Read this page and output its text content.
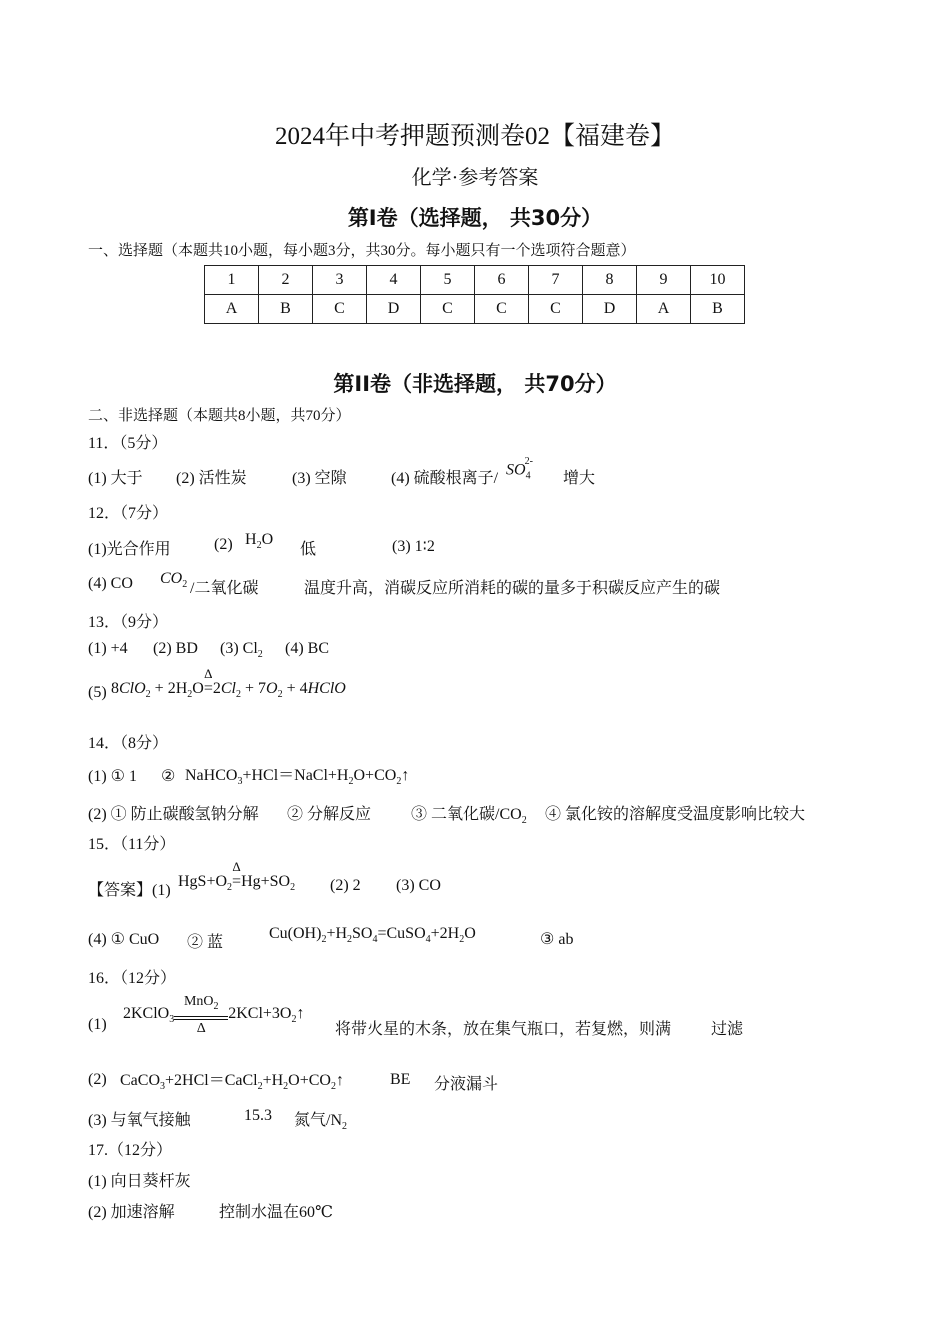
2024年中考押题预测卷02【福建卷】
化学·参考答案
第Ⅰ卷（选择题， 共30分）
一、选择题（本题共10小题，每小题3分，共30分。每小题只有一个选项符合题意）
1	2	3	4	5	6	7	8	9	10
A	B	C	D	C	C	C	D	A	B
第II卷（非选择题， 共70分）
二、非选择题（本题共8小题，共70分）
11．（5分）
(1) 大于 (2) 活性炭	(3) 空隙	(4) 硫酸根离子/
$SO_4^{2-}$
增大
12．（7分）
(1)光合作用	(2) $H_2O$
低	(3) 1∶2
(4) CO $CO_2$ /二氧化碳	温度升高，消碳反应所消耗的碳的量多于积碳反应产生的碳
13．（9分）
(1) +4 (2) BD (3) $Cl_2$ (4) BC
(5) $8ClO_2 + 2H_2O$
Δ
$=2Cl_2 + 7O_2$ + 4HClO
14．（8分）
(1) ① 1 ② $NaHCO_3+HCl=NaCl+H_2O+CO_2↑$
(2) ① 防止碳酸氢钠分解 ② 分解反应 ③ 二氧化碳$/CO_2$ ④ 氯化铵的溶解度受温度影响比较大
15．（11分）
【答案】(1)
$HgS+O_2$
Δ
$=Hg+SO_2$ (2) 2 (3) CO
(4) ① CuO ② 蓝
$Cu(OH)_2+H_2SO_4=CuSO_4+2H_2O$	③ ab
16．（12分）
(1)
2KClO$_3$ $\frac{MnO_2}{\Delta}$ $2KCl+3O_2↑$
将带火星的木条，放在集气瓶口，若复燃，则满 过滤
(2) $CaCO_3+2HCl=CaCl_2+H_2O+CO_2↑$	BE 分液漏斗
(3) 与氧气接触	15.3 氮气$/N_2$
17.（12分）
(1) 向日葵杆灰
(2) 加速溶解	控制水温在60℃
